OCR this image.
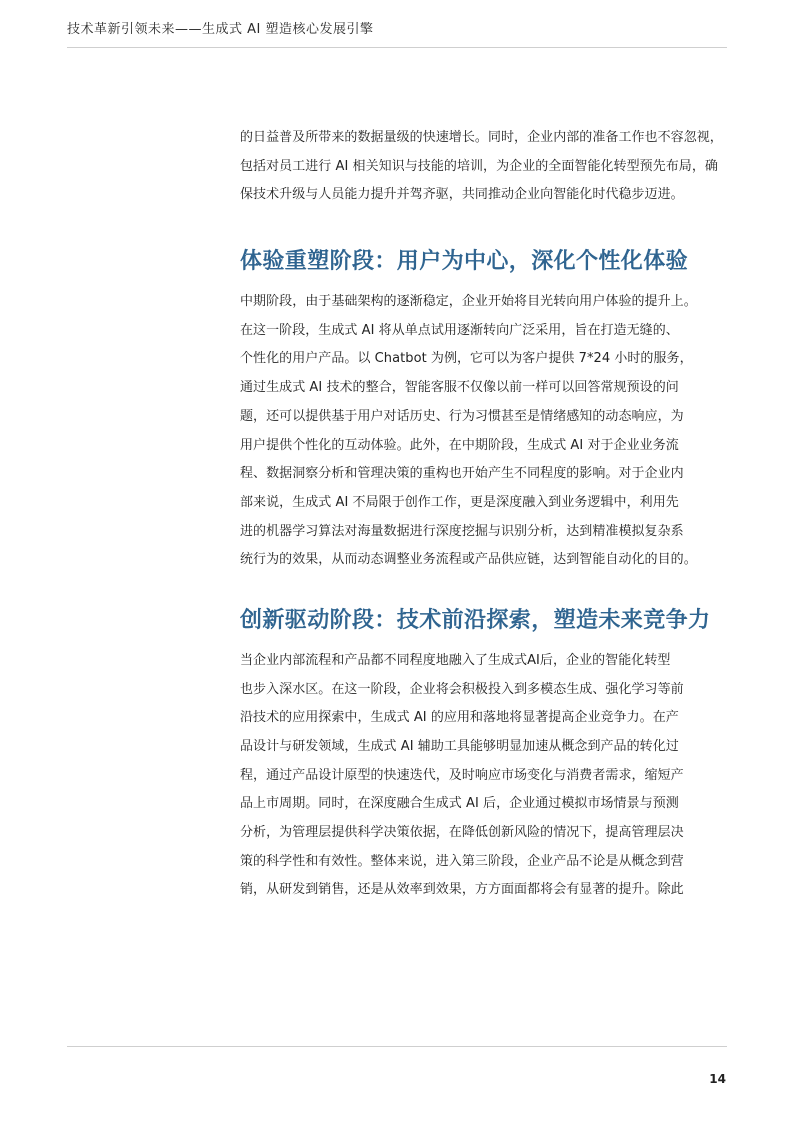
技术革新引领未来——生成式 AI 塑造核心发展引擎
的日益普及所带来的数据量级的快速增长。同时，企业内部的准备工作也不容忽视，
包括对员工进行 AI 相关知识与技能的培训，为企业的全面智能化转型预先布局，确
保技术升级与人员能力提升并驾齐驱，共同推动企业向智能化时代稳步迈进。
体验重塑阶段：用户为中心，深化个性化体验
中期阶段，由于基础架构的逐渐稳定，企业开始将目光转向用户体验的提升上。
在这一阶段，生成式 AI 将从单点试用逐渐转向广泛采用，旨在打造无缝的、
个性化的用户产品。以 Chatbot 为例，它可以为客户提供 7*24 小时的服务，
通过生成式 AI 技术的整合，智能客服不仅像以前一样可以回答常规预设的问
题，还可以提供基于用户对话历史、行为习惯甚至是情绪感知的动态响应，为
用户提供个性化的互动体验。此外，在中期阶段，生成式 AI 对于企业业务流
程、数据洞察分析和管理决策的重构也开始产生不同程度的影响。对于企业内
部来说，生成式 AI 不局限于创作工作，更是深度融入到业务逻辑中，利用先
进的机器学习算法对海量数据进行深度挖掘与识别分析，达到精准模拟复杂系
统行为的效果，从而动态调整业务流程或产品供应链，达到智能自动化的目的。
创新驱动阶段：技术前沿探索，塑造未来竞争力
当企业内部流程和产品都不同程度地融入了生成式AI后，企业的智能化转型
也步入深水区。在这一阶段，企业将会积极投入到多模态生成、强化学习等前
沿技术的应用探索中，生成式 AI 的应用和落地将显著提高企业竞争力。在产
品设计与研发领域，生成式 AI 辅助工具能够明显加速从概念到产品的转化过
程，通过产品设计原型的快速迭代，及时响应市场变化与消费者需求，缩短产
品上市周期。同时，在深度融合生成式 AI 后，企业通过模拟市场情景与预测
分析，为管理层提供科学决策依据，在降低创新风险的情况下，提高管理层决
策的科学性和有效性。整体来说，进入第三阶段，企业产品不论是从概念到营
销，从研发到销售，还是从效率到效果，方方面面都将会有显著的提升。除此
14
